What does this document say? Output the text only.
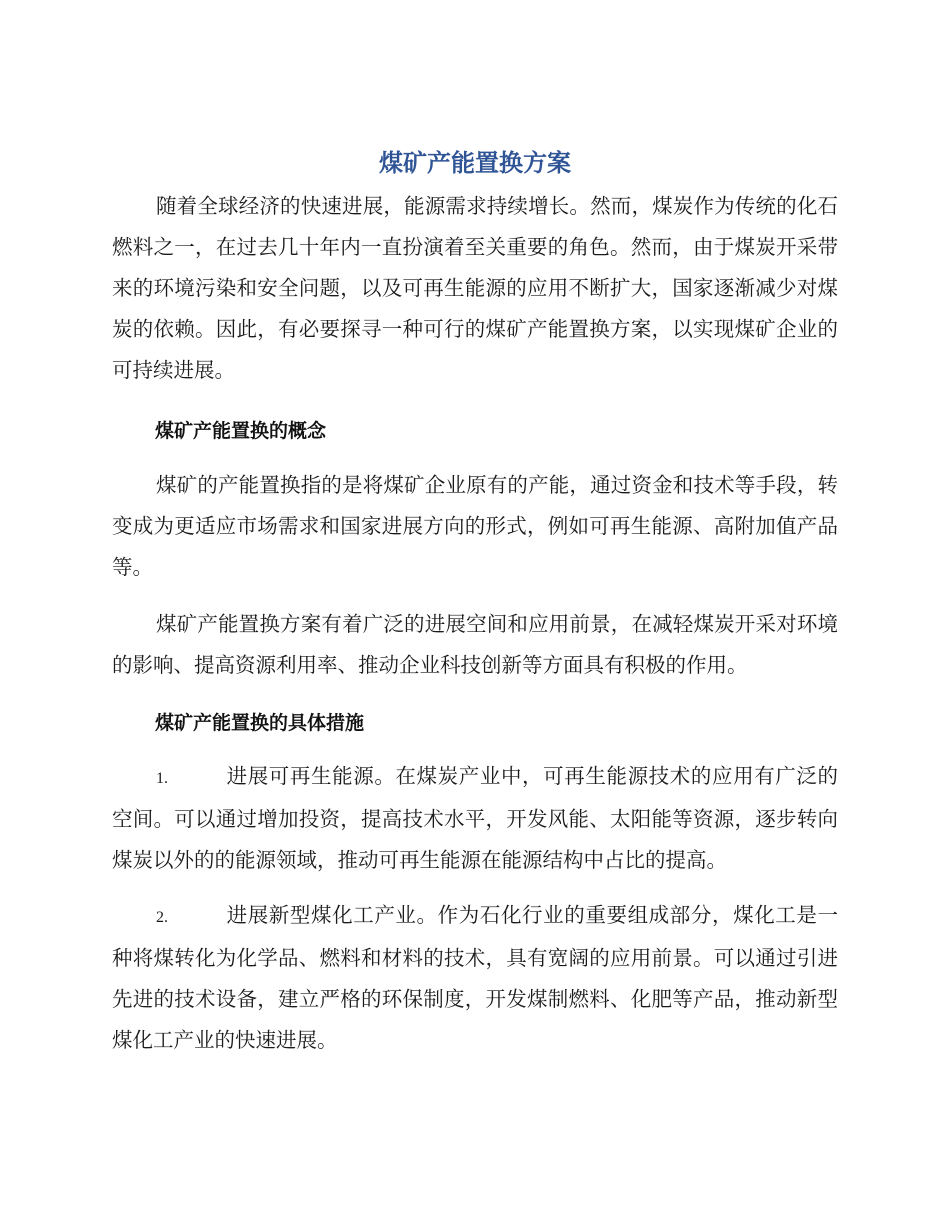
煤矿产能置换方案

随着全球经济的快速进展，能源需求持续增长。然而，煤炭作为传统的化石燃料之一，在过去几十年内一直扮演着至关重要的角色。然而，由于煤炭开采带来的环境污染和安全问题，以及可再生能源的应用不断扩大，国家逐渐减少对煤炭的依赖。因此，有必要探寻一种可行的煤矿产能置换方案，以实现煤矿企业的可持续进展。

煤矿产能置换的概念

煤矿的产能置换指的是将煤矿企业原有的产能，通过资金和技术等手段，转变成为更适应市场需求和国家进展方向的形式，例如可再生能源、高附加值产品等。

煤矿产能置换方案有着广泛的进展空间和应用前景，在减轻煤炭开采对环境的影响、提高资源利用率、推动企业科技创新等方面具有积极的作用。

煤矿产能置换的具体措施

1.	进展可再生能源。在煤炭产业中，可再生能源技术的应用有广泛的空间。可以通过增加投资，提高技术水平，开发风能、太阳能等资源，逐步转向煤炭以外的的能源领域，推动可再生能源在能源结构中占比的提高。

2.	进展新型煤化工产业。作为石化行业的重要组成部分，煤化工是一种将煤转化为化学品、燃料和材料的技术，具有宽阔的应用前景。可以通过引进先进的技术设备，建立严格的环保制度，开发煤制燃料、化肥等产品，推动新型煤化工产业的快速进展。
